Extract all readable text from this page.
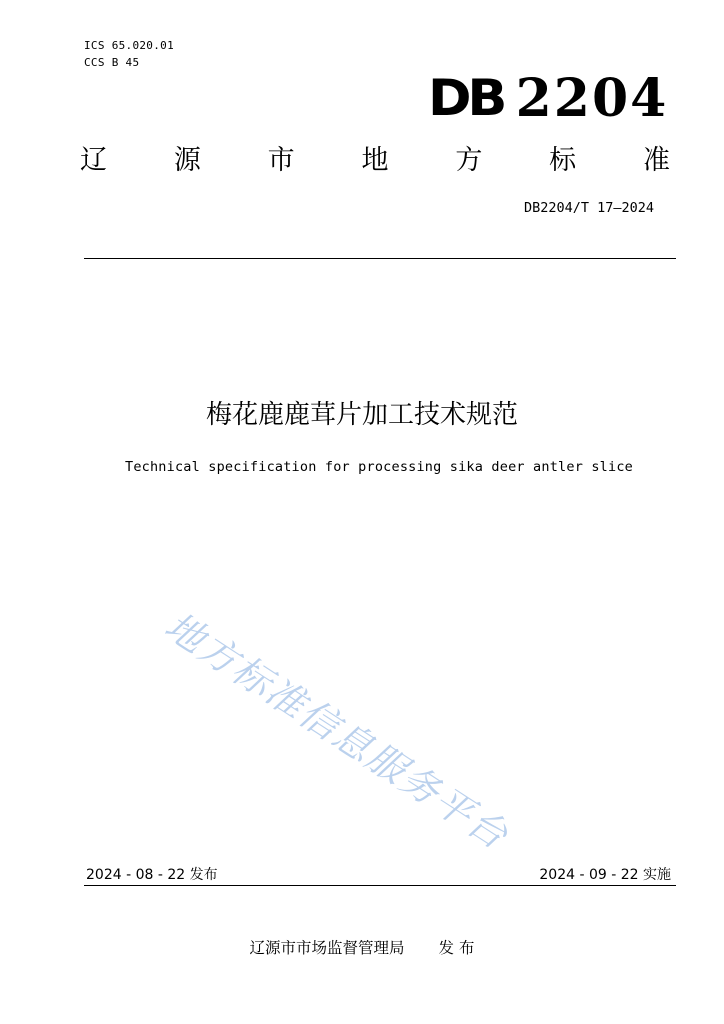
ICS 65.020.01
CCS B 45
DB 2204
辽 源 市 地 方 标 准
DB2204/T 17—2024
梅花鹿鹿茸片加工技术规范
Technical specification for processing sika deer antler slice
地方标准信息服务平台
2024 - 08 - 22 发布	2024 - 09 - 22 实施
辽源市市场监督管理局 发 布
